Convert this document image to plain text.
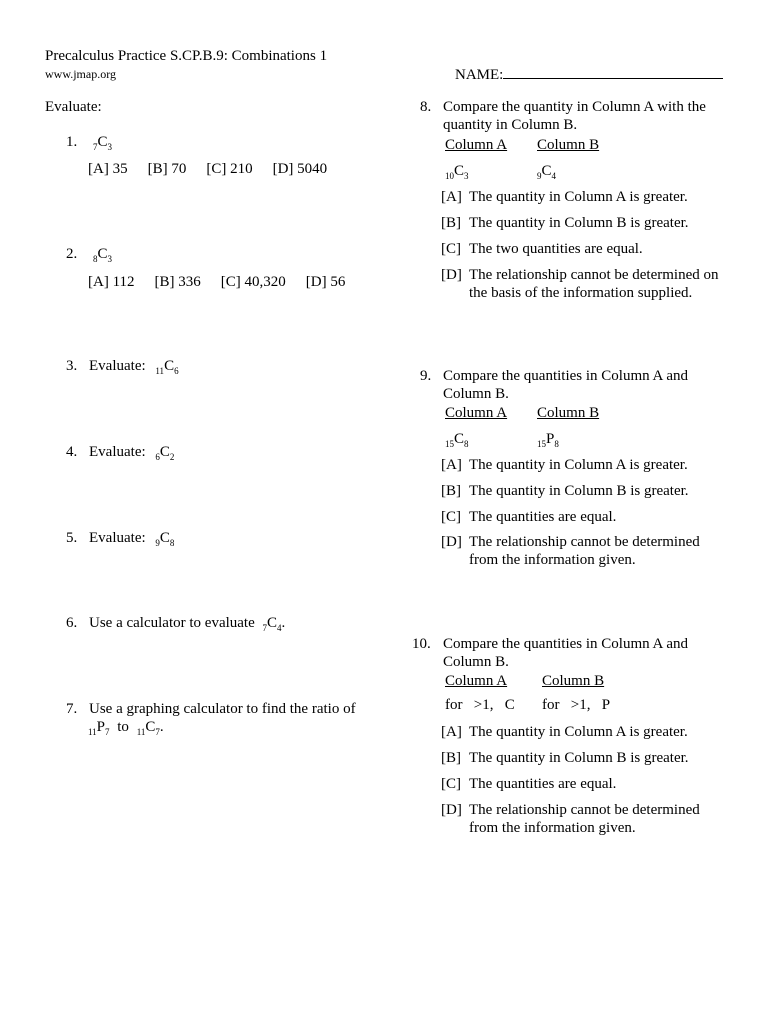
Precalculus Practice S.CP.B.9: Combinations 1
www.jmap.org	NAME:
Evaluate:
1. $_7C_3$
[A] 35 [B] 70 [C] 210 [D] 5040
2. $_8C_3$
[A] 112 [B] 336 [C] 40,320 [D] 56
3. Evaluate: $_{11}C_6$
4. Evaluate: $_6C_2$
5. Evaluate: $_9C_8$
6. Use a calculator to evaluate $_7C_4$.
7. Use a graphing calculator to find the ratio of
$_{11}P_7$ to $_{11}C_7$.
8. Compare the quantity in Column A with the
quantity in Column B.
Column A Column B
$_{10}C_3$	$_9C_4$
[A] The quantity in Column A is greater.
[B] The quantity in Column B is greater.
[C] The two quantities are equal.
[D] The relationship cannot be determined on
the basis of the information supplied.
9. Compare the quantities in Column A and
Column B.
Column A Column B
$_{15}C_8$	$_{15}P_8$
[A] The quantity in Column A is greater.
[B] The quantity in Column B is greater.
[C] The quantities are equal.
[D] The relationship cannot be determined
from the information given.
10. Compare the quantities in Column A and
Column B.
Column A Column B
for   >1,   C for   >1,   P
[A] The quantity in Column A is greater.
[B] The quantity in Column B is greater.
[C] The quantities are equal.
[D] The relationship cannot be determined
from the information given.
